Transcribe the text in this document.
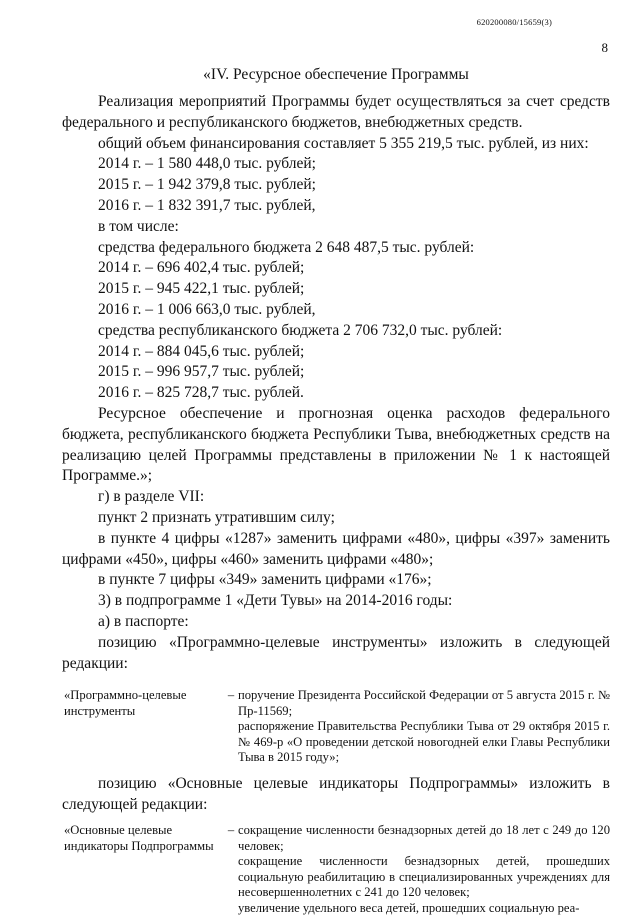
620200080/15659(3)
8
«IV. Ресурсное обеспечение Программы

Реализация мероприятий Программы будет осуществляться за счет средств федерального и республиканского бюджетов, внебюджетных средств.

общий объем финансирования составляет 5 355 219,5 тыс. рублей, из них:

2014 г. – 1 580 448,0 тыс. рублей;

2015 г. – 1 942 379,8 тыс. рублей;

2016 г. – 1 832 391,7 тыс. рублей,

в том числе:

средства федерального бюджета 2 648 487,5 тыс. рублей:

2014 г. – 696 402,4 тыс. рублей;

2015 г. – 945 422,1 тыс. рублей;

2016 г. – 1 006 663,0 тыс. рублей,

средства республиканского бюджета 2 706 732,0 тыс. рублей:

2014 г. – 884 045,6 тыс. рублей;

2015 г. – 996 957,7 тыс. рублей;

2016 г. – 825 728,7 тыс. рублей.

Ресурсное обеспечение и прогнозная оценка расходов федерального бюджета, республиканского бюджета Республики Тыва, внебюджетных средств на реализацию целей Программы представлены в приложении № 1 к настоящей Программе.»;

г) в разделе VII:

пункт 2 признать утратившим силу;

в пункте 4 цифры «1287» заменить цифрами «480», цифры «397» заменить цифрами «450», цифры «460» заменить цифрами «480»;

в пункте 7 цифры «349» заменить цифрами «176»;

3) в подпрограмме 1 «Дети Тувы» на 2014-2016 годы:

а) в паспорте:

позицию «Программно-целевые инструменты» изложить в следующей редакции:

«Программно-целевые инструменты
– поручение Президента Российской Федерации от 5 августа 2015 г. № Пр-11569;
распоряжение Правительства Республики Тыва от 29 октября 2015 г. № 469-р «О проведении детской новогодней елки Главы Республики Тыва в 2015 году»;

позицию «Основные целевые индикаторы Подпрограммы» изложить в следующей редакции:

«Основные целевые индикаторы Подпрограммы
– сокращение численности безнадзорных детей до 18 лет с 249 до 120 человек;
сокращение численности безнадзорных детей, прошедших социальную реабилитацию в специализированных учреждениях для несовершеннолетних с 241 до 120 человек;
увеличение удельного веса детей, прошедших социальную реа-
